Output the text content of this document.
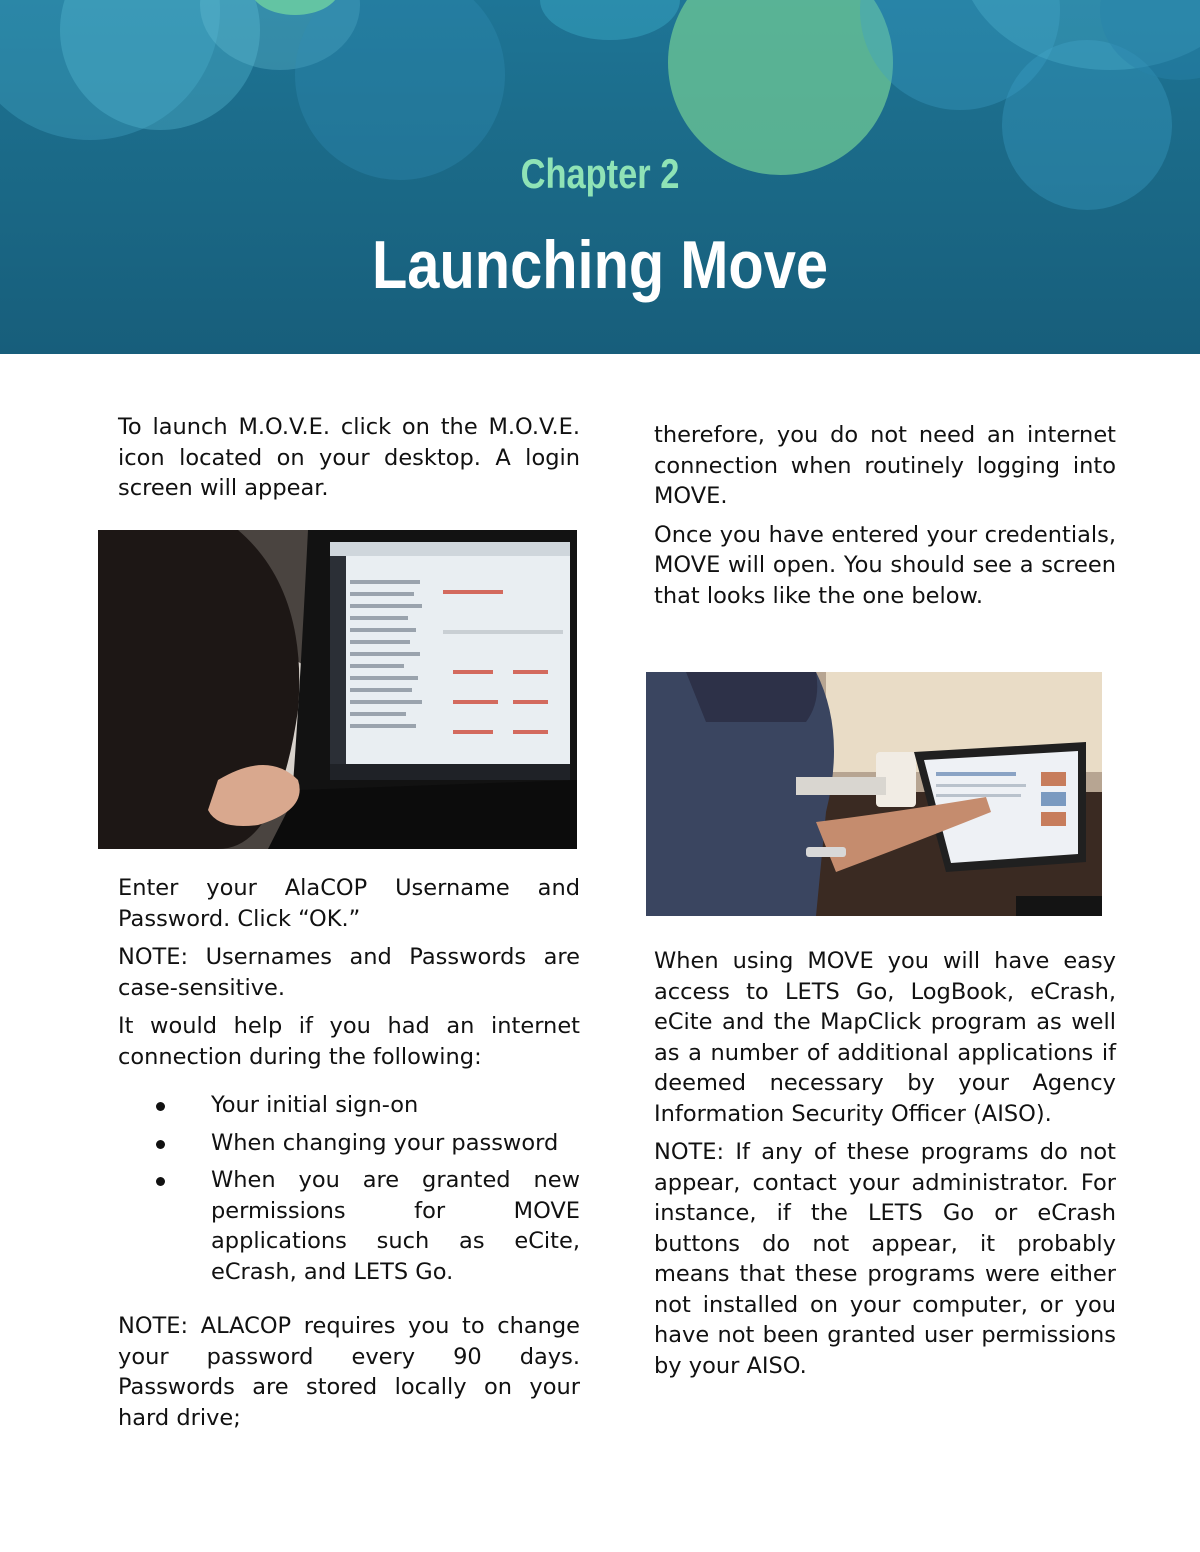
Chapter 2
Launching Move

To launch M.O.V.E. click on the M.O.V.E. icon located on your desktop. A login screen will appear.

Enter your AlaCOP Username and Password. Click “OK.”

NOTE: Usernames and Passwords are case-sensitive.

It would help if you had an internet connection during the following:

Your initial sign-on
When changing your password
When you are granted new permissions for MOVE applications such as eCite, eCrash, and LETS Go.

NOTE: ALACOP requires you to change your password every 90 days. Passwords are stored locally on your hard drive;

therefore, you do not need an internet connection when routinely logging into MOVE.

Once you have entered your credentials, MOVE will open. You should see a screen that looks like the one below.

When using MOVE you will have easy access to LETS Go, LogBook, eCrash, eCite and the MapClick program as well as a number of additional applications if deemed necessary by your Agency Information Security Officer (AISO).

NOTE: If any of these programs do not appear, contact your administrator. For instance, if the LETS Go or eCrash buttons do not appear, it probably means that these programs were either not installed on your computer, or you have not been granted user permissions by your AISO.
